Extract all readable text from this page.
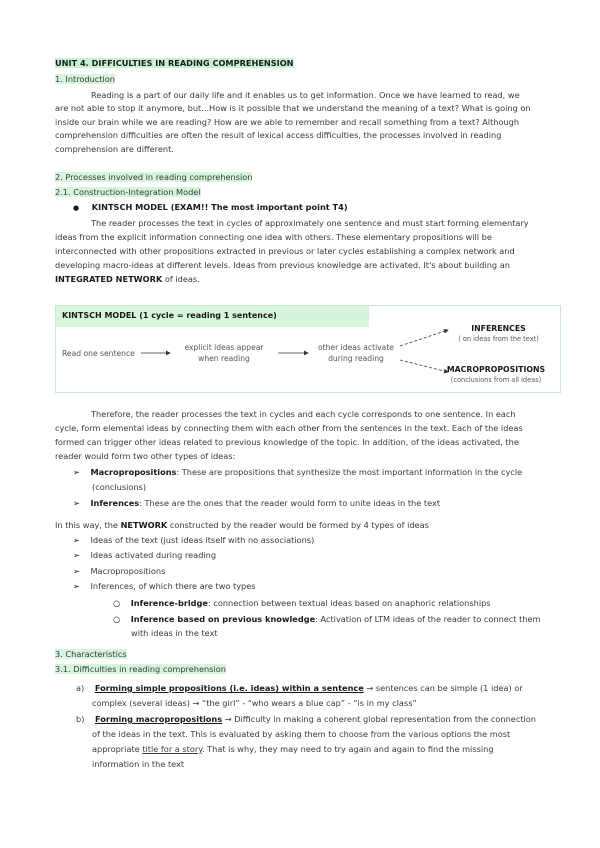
UNIT 4. DIFFICULTIES IN READING COMPREHENSION
1. Introduction
Reading is a part of our daily life and it enables us to get information. Once we have learned to read, we
are not able to stop it anymore, but...How is it possible that we understand the meaning of a text? What is going on
inside our brain while we are reading? How are we able to remember and recall something from a text? Although
comprehension difficulties are often the result of lexical access difficulties, the processes involved in reading
comprehension are different.
2. Processes involved in reading comprehension
2.1. Construction-Integration Model
● KINTSCH MODEL (EXAM!! The most important point T4)
The reader processes the text in cycles of approximately one sentence and must start forming elementary
ideas from the explicit information connecting one idea with others. These elementary propositions will be
interconnected with other propositions extracted in previous or later cycles establishing a complex network and
developing macro-ideas at different levels. Ideas from previous knowledge are activated. It's about building an
INTEGRATED NETWORK of ideas.
KINTSCH MODEL (1 cycle = reading 1 sentence)
Read one sentence
explicit ideas appear
when reading
other ideas activate
during reading
INFERENCES
( on ideas from the text)
MACROPROPOSITIONS
(conclusions from all ideas)
Therefore, the reader processes the text in cycles and each cycle corresponds to one sentence. In each
cycle, form elemental ideas by connecting them with each other from the sentences in the text. Each of the ideas
formed can trigger other ideas related to previous knowledge of the topic. In addition, of the ideas activated, the
reader would form two other types of ideas:
➢ Macropropositions: These are propositions that synthesize the most important information in the cycle
(conclusions)
➢ Inferences: These are the ones that the reader would form to unite ideas in the text
In this way, the NETWORK constructed by the reader would be formed by 4 types of ideas
➢ Ideas of the text (just ideas itself with no associations)
➢ Ideas activated during reading
➢ Macropropositions
➢ Inferences, of which there are two types
○ Inference-bridge: connection between textual ideas based on anaphoric relationships
○ Inference based on previous knowledge: Activation of LTM ideas of the reader to connect them
with ideas in the text
3. Characteristics
3.1. Difficulties in reading comprehension
a) Forming simple propositions (i.e. ideas) within a sentence → sentences can be simple (1 idea) or
complex (several ideas) → “the girl” - “who wears a blue cap” - “is in my class”
b) Forming macropropositions → Difficulty in making a coherent global representation from the connection
of the ideas in the text. This is evaluated by asking them to choose from the various options the most
appropriate title for a story. That is why, they may need to try again and again to find the missing
information in the text
